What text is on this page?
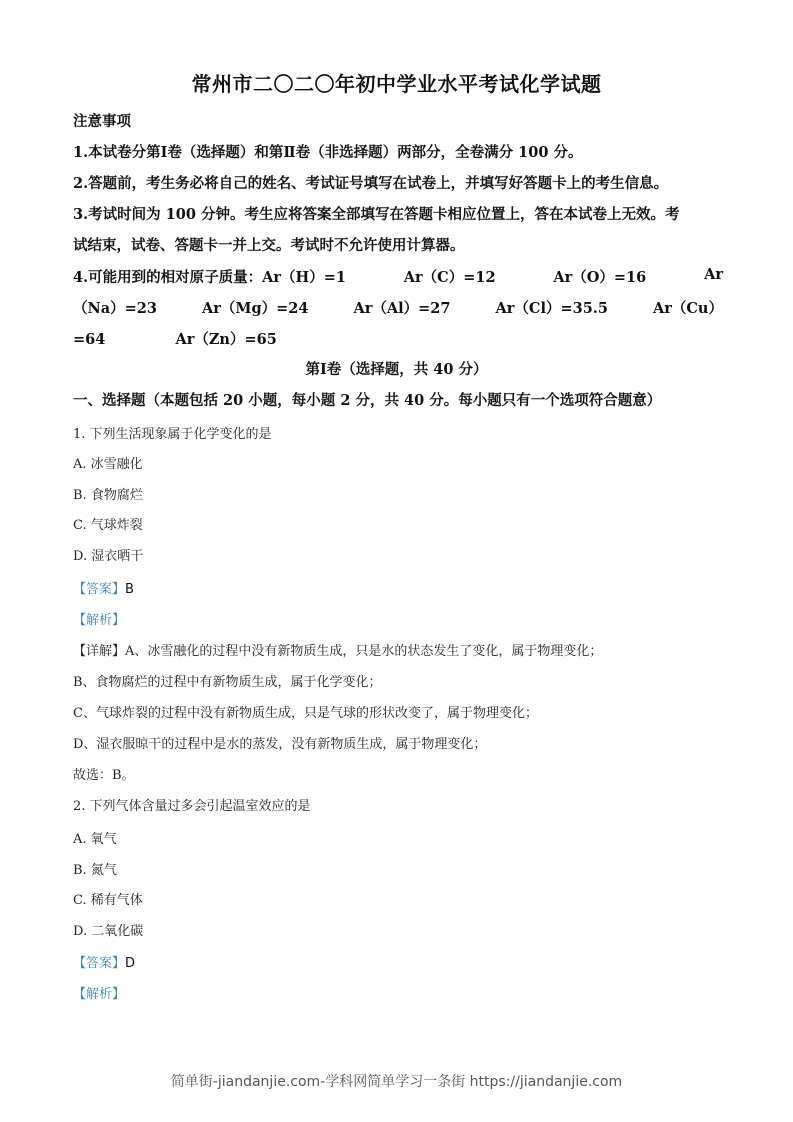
常州市二〇二〇年初中学业水平考试化学试题
注意事项
1.本试卷分第Ⅰ卷（选择题）和第Ⅱ卷（非选择题）两部分，全卷满分 100 分。
2.答题前，考生务必将自己的姓名、考试证号填写在试卷上，并填写好答题卡上的考生信息。
3.考试时间为 100 分钟。考生应将答案全部填写在答题卡相应位置上，答在本试卷上无效。考
试结束，试卷、答题卡一并上交。考试时不允许使用计算器。
4.可能用到的相对原子质量：Ar（H）=1	Ar（C）=12	Ar（O）=16	Ar
（Na）=23	Ar（Mg）=24	Ar（Al）=27	Ar（Cl）=35.5	Ar（Cu）
=64	Ar（Zn）=65
第Ⅰ卷（选择题，共 40 分）
一、选择题（本题包括 20 小题，每小题 2 分，共 40 分。每小题只有一个选项符合题意）
1. 下列生活现象属于化学变化的是
A. 冰雪融化
B. 食物腐烂
C. 气球炸裂
D. 湿衣晒干
【答案】B
【解析】
【详解】A、冰雪融化的过程中没有新物质生成，只是水的状态发生了变化，属于物理变化；
B、食物腐烂的过程中有新物质生成，属于化学变化；
C、气球炸裂的过程中没有新物质生成，只是气球的形状改变了，属于物理变化；
D、湿衣服晾干的过程中是水的蒸发，没有新物质生成，属于物理变化；
故选：B。
2. 下列气体含量过多会引起温室效应的是
A. 氧气
B. 氮气
C. 稀有气体
D. 二氧化碳
【答案】D
【解析】
简单街-jiandanjie.com-学科网简单学习一条街 https://jiandanjie.com
